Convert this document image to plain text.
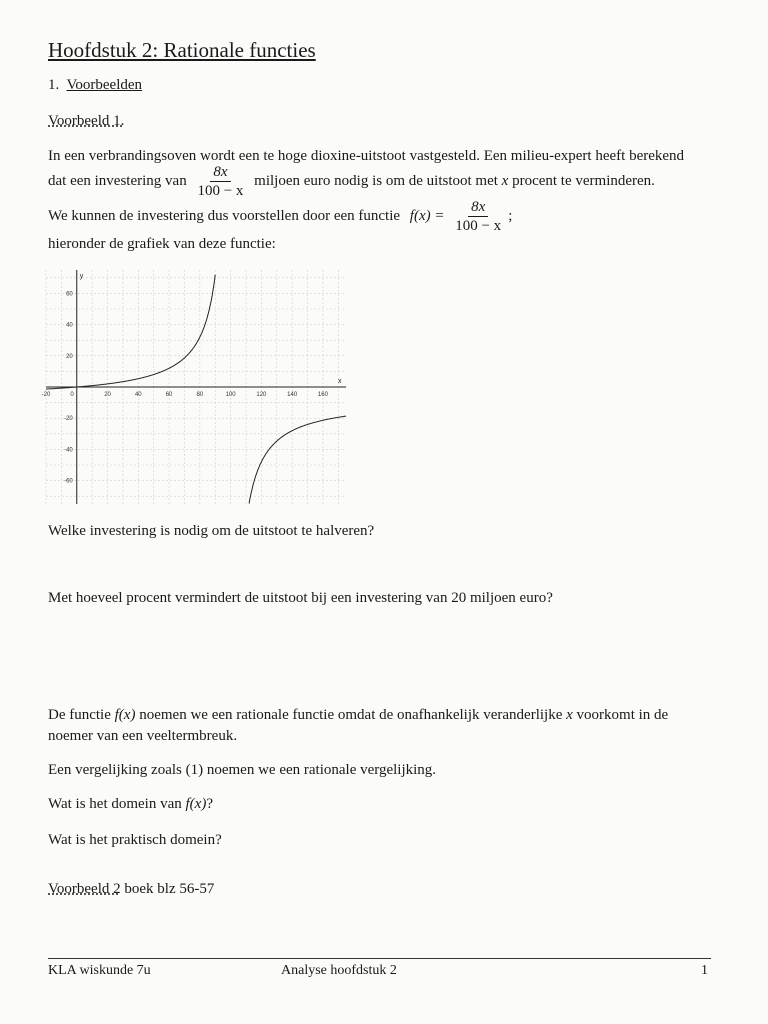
Hoofdstuk 2: Rationale functies
1. Voorbeelden
Voorbeeld 1.
In een verbrandingsoven wordt een te hoge dioxine-uitstoot vastgesteld. Een milieu-expert heeft berekend
dat een investering van $\frac{8x}{100 - x}$ miljoen euro nodig is om de uitstoot met x procent te verminderen.
We kunnen de investering dus voorstellen door een functie $f(x) = \frac{8x}{100 - x}$ ;
hieronder de grafiek van deze functie:
x
y
-20	20	40	60	80	100	120	140	160
0
60
40
20
-20
-40
-60
Welke investering is nodig om de uitstoot te halveren?
Met hoeveel procent vermindert de uitstoot bij een investering van 20 miljoen euro?
De functie f(x) noemen we een rationale functie omdat de onafhankelijk veranderlijke x voorkomt in de
noemer van een veeltermbreuk.
Een vergelijking zoals (1) noemen we een rationale vergelijking.
Wat is het domein van f(x)?
Wat is het praktisch domein?
Voorbeeld 2 boek blz 56-57
KLA wiskunde 7u	Analyse hoofdstuk 2	1
